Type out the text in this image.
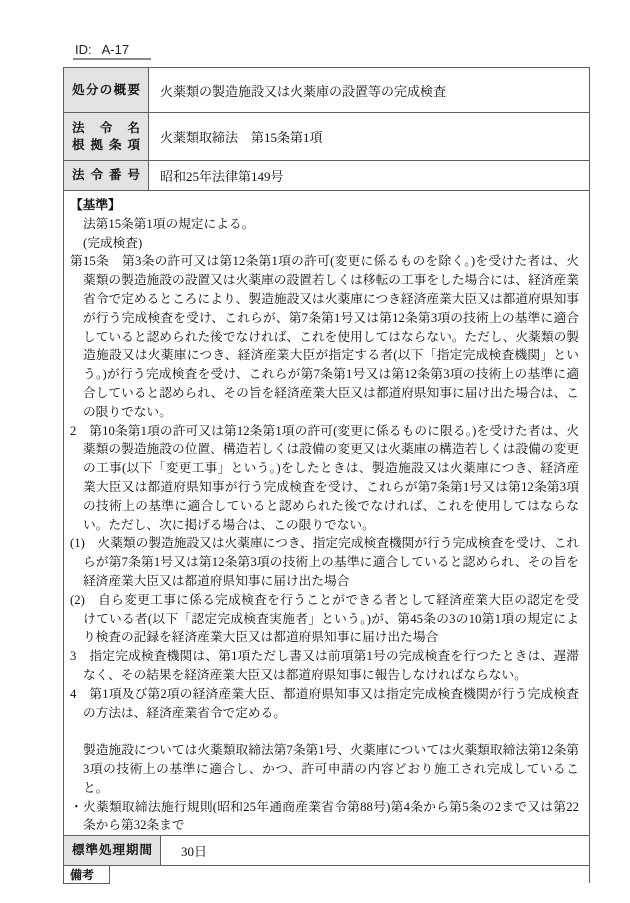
ID: A-17
処分の概要	火薬類の製造施設又は火薬庫の設置等の完成検査
法令名
根拠条項	火薬類取締法　第15条第1項
法令番号	昭和25年法律第149号
【基準】
法第15条第1項の規定による。
(完成検査)
第15条　第3条の許可又は第12条第1項の許可(変更に係るものを除く。)を受けた者は、火薬類の製造施設の設置又は火薬庫の設置若しくは移転の工事をした場合には、経済産業省令で定めるところにより、製造施設又は火薬庫につき経済産業大臣又は都道府県知事が行う完成検査を受け、これらが、第7条第1号又は第12条第3項の技術上の基準に適合していると認められた後でなければ、これを使用してはならない。ただし、火薬類の製造施設又は火薬庫につき、経済産業大臣が指定する者(以下「指定完成検査機関」という。)が行う完成検査を受け、これらが第7条第1号又は第12条第3項の技術上の基準に適合していると認められ、その旨を経済産業大臣又は都道府県知事に届け出た場合は、この限りでない。
2　第10条第1項の許可又は第12条第1項の許可(変更に係るものに限る。)を受けた者は、火薬類の製造施設の位置、構造若しくは設備の変更又は火薬庫の構造若しくは設備の変更の工事(以下「変更工事」という。)をしたときは、製造施設又は火薬庫につき、経済産業大臣又は都道府県知事が行う完成検査を受け、これらが第7条第1号又は第12条第3項の技術上の基準に適合していると認められた後でなければ、これを使用してはならない。ただし、次に掲げる場合は、この限りでない。
(1)　火薬類の製造施設又は火薬庫につき、指定完成検査機関が行う完成検査を受け、これらが第7条第1号又は第12条第3項の技術上の基準に適合していると認められ、その旨を経済産業大臣又は都道府県知事に届け出た場合
(2)　自ら変更工事に係る完成検査を行うことができる者として経済産業大臣の認定を受けている者(以下「認定完成検査実施者」という。)が、第45条の3の10第1項の規定により検査の記録を経済産業大臣又は都道府県知事に届け出た場合
3　指定完成検査機関は、第1項ただし書又は前項第1号の完成検査を行つたときは、遅滞なく、その結果を経済産業大臣又は都道府県知事に報告しなければならない。
4　第1項及び第2項の経済産業大臣、都道府県知事又は指定完成検査機関が行う完成検査の方法は、経済産業省令で定める。
製造施設については火薬類取締法第7条第1号、火薬庫については火薬類取締法第12条第3項の技術上の基準に適合し、かつ、許可申請の内容どおり施工され完成していること。
・火薬類取締法施行規則(昭和25年通商産業省令第88号)第4条から第5条の2まで又は第22条から第32条まで
標準処理期間	30日
備考
